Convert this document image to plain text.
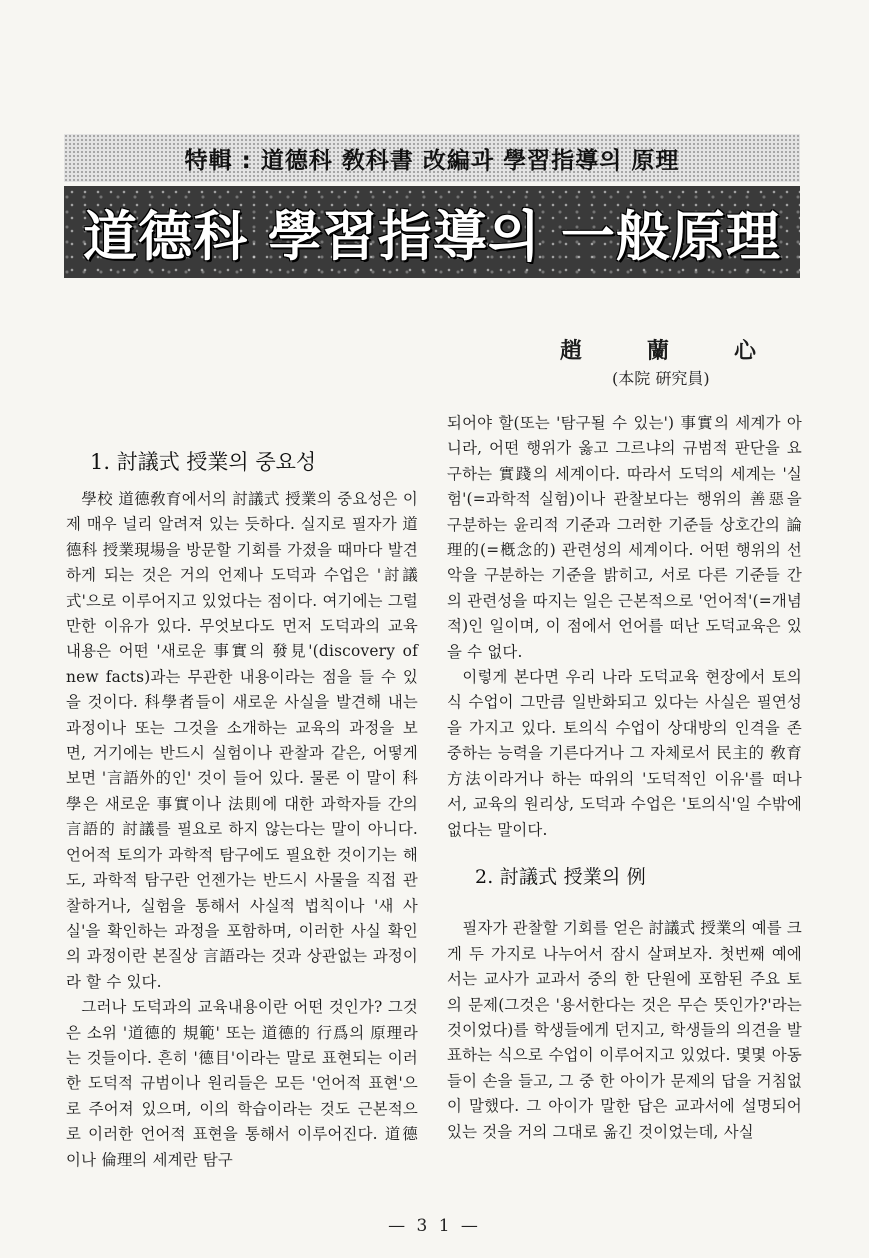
特輯 : 道德科 敎科書 改編과 學習指導의 原理
道德科 學習指導의 一般原理
趙	蘭	心
(本院 硏究員)
1. 討議式 授業의 중요성

學校 道德敎育에서의 討議式 授業의 중요성은 이제 매우 널리 알려져 있는 듯하다. 실지로 필자가 道德科 授業現場을 방문할 기회를 가졌을 때마다 발견하게 되는 것은 거의 언제나 도덕과 수업은 '討議式'으로 이루어지고 있었다는 점이다. 여기에는 그럴 만한 이유가 있다. 무엇보다도 먼저 도덕과의 교육내용은 어떤 '새로운 事實의 發見'(discovery of new facts)과는 무관한 내용이라는 점을 들 수 있을 것이다. 科學者들이 새로운 사실을 발견해 내는 과정이나 또는 그것을 소개하는 교육의 과정을 보면, 거기에는 반드시 실험이나 관찰과 같은, 어떻게 보면 '言語外的인' 것이 들어 있다. 물론 이 말이 科學은 새로운 事實이나 法則에 대한 과학자들 간의 言語的 討議를 필요로 하지 않는다는 말이 아니다. 언어적 토의가 과학적 탐구에도 필요한 것이기는 해도, 과학적 탐구란 언젠가는 반드시 사물을 직접 관찰하거나, 실험을 통해서 사실적 법칙이나 '새 사실'을 확인하는 과정을 포함하며, 이러한 사실 확인의 과정이란 본질상 言語라는 것과 상관없는 과정이라 할 수 있다.

그러나 도덕과의 교육내용이란 어떤 것인가? 그것은 소위 '道德的 規範' 또는 道德的 行爲의 原理라는 것들이다. 흔히 '德目'이라는 말로 표현되는 이러한 도덕적 규범이나 원리들은 모든 '언어적 표현'으로 주어져 있으며, 이의 학습이라는 것도 근본적으로 이러한 언어적 표현을 통해서 이루어진다. 道德이나 倫理의 세계란 탐구

되어야 할(또는 '탐구될 수 있는') 事實의 세계가 아니라, 어떤 행위가 옳고 그르냐의 규범적 판단을 요구하는 實踐의 세계이다. 따라서 도덕의 세계는 '실험'(=과학적 실험)이나 관찰보다는 행위의 善惡을 구분하는 윤리적 기준과 그러한 기준들 상호간의 論理的(=槪念的) 관련성의 세계이다. 어떤 행위의 선악을 구분하는 기준을 밝히고, 서로 다른 기준들 간의 관련성을 따지는 일은 근본적으로 '언어적'(=개념적)인 일이며, 이 점에서 언어를 떠난 도덕교육은 있을 수 없다.

이렇게 본다면 우리 나라 도덕교육 현장에서 토의식 수업이 그만큼 일반화되고 있다는 사실은 필연성을 가지고 있다. 토의식 수업이 상대방의 인격을 존중하는 능력을 기른다거나 그 자체로서 民主的 敎育方法이라거나 하는 따위의 '도덕적인 이유'를 떠나서, 교육의 원리상, 도덕과 수업은 '토의식'일 수밖에 없다는 말이다.

2. 討議式 授業의 例

필자가 관찰할 기회를 얻은 討議式 授業의 예를 크게 두 가지로 나누어서 잠시 살펴보자. 첫번째 예에서는 교사가 교과서 중의 한 단원에 포함된 주요 토의 문제(그것은 '용서한다는 것은 무슨 뜻인가?'라는 것이었다)를 학생들에게 던지고, 학생들의 의견을 발표하는 식으로 수업이 이루어지고 있었다. 몇몇 아동들이 손을 들고, 그 중 한 아이가 문제의 답을 거침없이 말했다. 그 아이가 말한 답은 교과서에 설명되어 있는 것을 거의 그대로 옮긴 것이었는데, 사실

— 3 1 —
